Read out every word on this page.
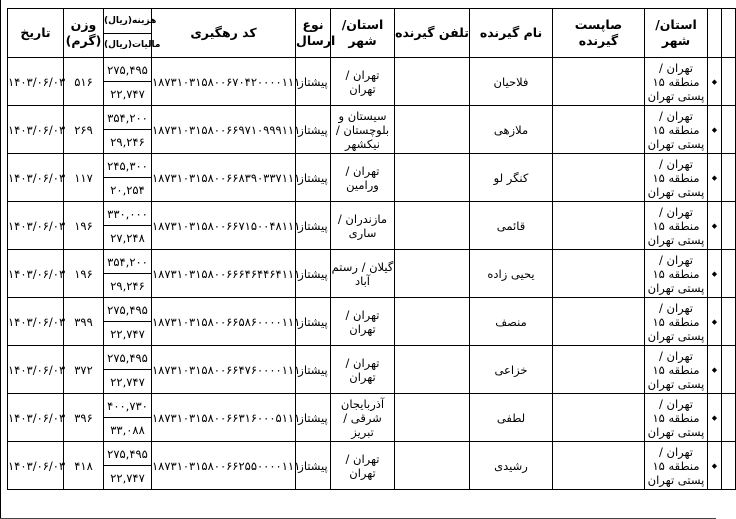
تاریخ	وزن (گرم)	هزینه(ریال)	کد رهگیری	نوع ارسال	استان/ شهر	تلفن گیرنده	نام گیرنده	صاپست گیرنده	استان/ شهر		
		مالیات(ریال)									
۱۴۰۳/۰۶/۰۳	۵۱۶	۲۷۵,۴۹۵	۱۸۷۳۱۰۳۱۵۸۰۰۶۷۰۴۲۰۰۰۰۱۱۱	پیشتاز	تهران / تهران		فلاحیان		تهران / منطقه ۱۵ پستی تهران	◆	
		۲۲,۷۴۷									
۱۴۰۳/۰۶/۰۳	۲۶۹	۳۵۴,۲۰۰	۱۸۷۳۱۰۳۱۵۸۰۰۶۶۹۷۱۰۹۹۹۱۱۱	پیشتاز	سیستان و بلوچستان / نیکشهر		ملازهی		تهران / منطقه ۱۵ پستی تهران	◆	
		۲۹,۲۴۶									
۱۴۰۳/۰۶/۰۳	۱۱۷	۲۴۵,۳۰۰	۱۸۷۳۱۰۳۱۵۸۰۰۶۶۸۳۹۰۳۳۷۱۱۱	پیشتاز	تهران / ورامین		کنگر لو		تهران / منطقه ۱۵ پستی تهران	◆	
		۲۰,۲۵۴									
۱۴۰۳/۰۶/۰۳	۱۹۶	۳۳۰,۰۰۰	۱۸۷۳۱۰۳۱۵۸۰۰۶۶۷۱۵۰۰۴۸۱۱۱	پیشتاز	مازندران / ساری		قائمی		تهران / منطقه ۱۵ پستی تهران	◆	
		۲۷,۲۴۸									
۱۴۰۳/۰۶/۰۳	۱۹۶	۳۵۴,۲۰۰	۱۸۷۳۱۰۳۱۵۸۰۰۶۶۶۴۶۴۴۶۴۱۱۱	پیشتاز	گیلان / رستم آباد		یحیی زاده		تهران / منطقه ۱۵ پستی تهران	◆	
		۲۹,۲۴۶									
۱۴۰۳/۰۶/۰۳	۳۹۹	۲۷۵,۴۹۵	۱۸۷۳۱۰۳۱۵۸۰۰۶۶۵۸۶۰۰۰۰۱۱۱	پیشتاز	تهران / تهران		منصف		تهران / منطقه ۱۵ پستی تهران	◆	
		۲۲,۷۴۷									
۱۴۰۳/۰۶/۰۳	۳۷۲	۲۷۵,۴۹۵	۱۸۷۳۱۰۳۱۵۸۰۰۶۶۴۷۶۰۰۰۰۱۱۱	پیشتاز	تهران / تهران		خزاعی		تهران / منطقه ۱۵ پستی تهران	◆	
		۲۲,۷۴۷									
۱۴۰۳/۰۶/۰۳	۳۹۶	۴۰۰,۷۳۰	۱۸۷۳۱۰۳۱۵۸۰۰۶۶۳۱۶۰۰۰۵۱۱۱	پیشتاز	آذربایجان شرقی / تبریز		لطفی		تهران / منطقه ۱۵ پستی تهران	◆	
		۳۳,۰۸۸									
۱۴۰۳/۰۶/۰۳	۴۱۸	۲۷۵,۴۹۵	۱۸۷۳۱۰۳۱۵۸۰۰۶۶۲۵۵۰۰۰۰۱۱۱	پیشتاز	تهران / تهران		رشیدی		تهران / منطقه ۱۵ پستی تهران	◆	
		۲۲,۷۴۷									
